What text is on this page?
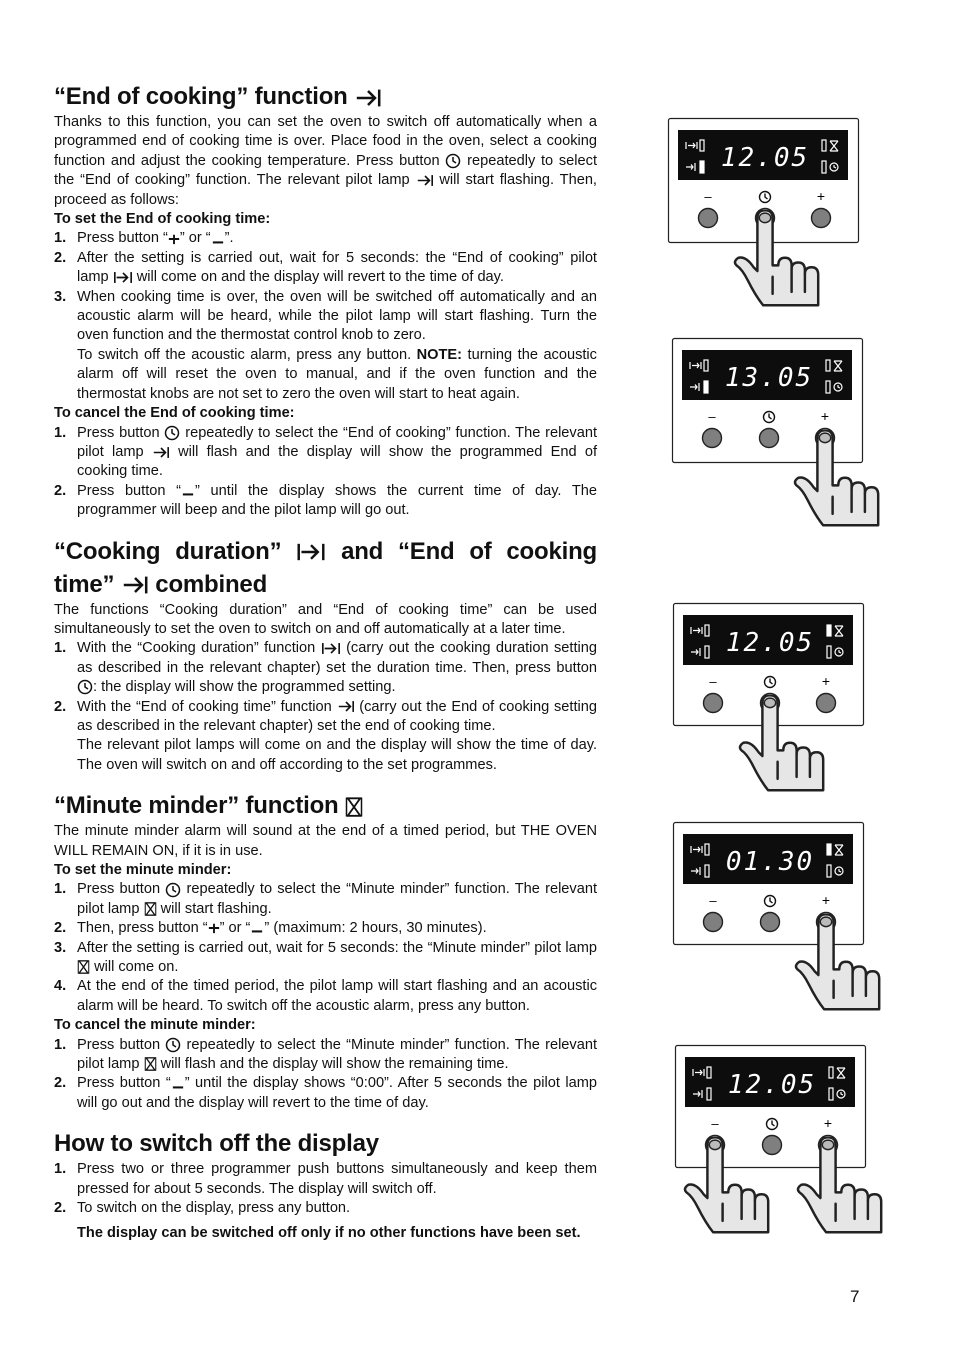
“End of cooking” function

Thanks to this function, you can set the oven to switch off automatically when a programmed end of cooking time is over. Place food in the oven, select a cooking function and adjust the cooking temperature. Press button repeatedly to select the “End of cooking” function. The relevant pilot lamp will start flashing. Then, proceed as follows:

To set the End of cooking time:
1. Press button “ ” or “ ”.
2. After the setting is carried out, wait for 5 seconds: the “End of cooking” pilot lamp will come on and the display will revert to the time of day.
3. When cooking time is over, the oven will be switched off automatically and an acoustic alarm will be heard, while the pilot lamp will start flashing. Turn the oven function and the thermostat control knob to zero.
To switch off the acoustic alarm, press any button. NOTE: turning the acoustic alarm off will reset the oven to manual, and if the oven function and the thermostat knobs are not set to zero the oven will start to heat again.
To cancel the End of cooking time:
1. Press button repeatedly to select the “End of cooking” function. The relevant pilot lamp will flash and the display will show the programmed End of cooking time.
2. Press button “ ” until the display shows the current time of day. The programmer will beep and the pilot lamp will go out.
“Cooking duration” and “End of cooking time” combined

The functions “Cooking duration” and “End of cooking time” can be used simultaneously to set the oven to switch on and off automatically at a later time.

1. With the “Cooking duration” function (carry out the cooking duration setting as described in the relevant chapter) set the duration time. Then, press button : the display will show the programmed setting.
2. With the “End of cooking time” function (carry out the End of cooking setting as described in the relevant chapter) set the end of cooking time.
The relevant pilot lamps will come on and the display will show the time of day. The oven will switch on and off according to the set programmes.
“Minute minder” function

The minute minder alarm will sound at the end of a timed period, but THE OVEN WILL REMAIN ON, if it is in use.

To set the minute minder:
1. Press button repeatedly to select the “Minute minder” function. The relevant pilot lamp will start flashing.
2. Then, press button “ ” or “ ” (maximum: 2 hours, 30 minutes).
3. After the setting is carried out, wait for 5 seconds: the “Minute minder” pilot lamp  will come on.
4. At the end of the timed period, the pilot lamp will start flashing and an acoustic alarm will be heard. To switch off the acoustic alarm, press any button.
To cancel the minute minder:
1. Press button repeatedly to select the “Minute minder” function. The relevant pilot lamp will flash and the display will show the remaining time.
2. Press button “ ” until the display shows “0:00”. After 5 seconds the pilot lamp will go out and the display will revert to the time of day.
How to switch off the display
1. Press two or three programmer push buttons simultaneously and keep them pressed for about 5 seconds. The display will switch off.
2. To switch on the display, press any button.

The display can be switched off only if no other functions have been set.

12.05
–	+
13.05
–	+
12.05
–	+
01.30
–	+
12.05
–	+
7
